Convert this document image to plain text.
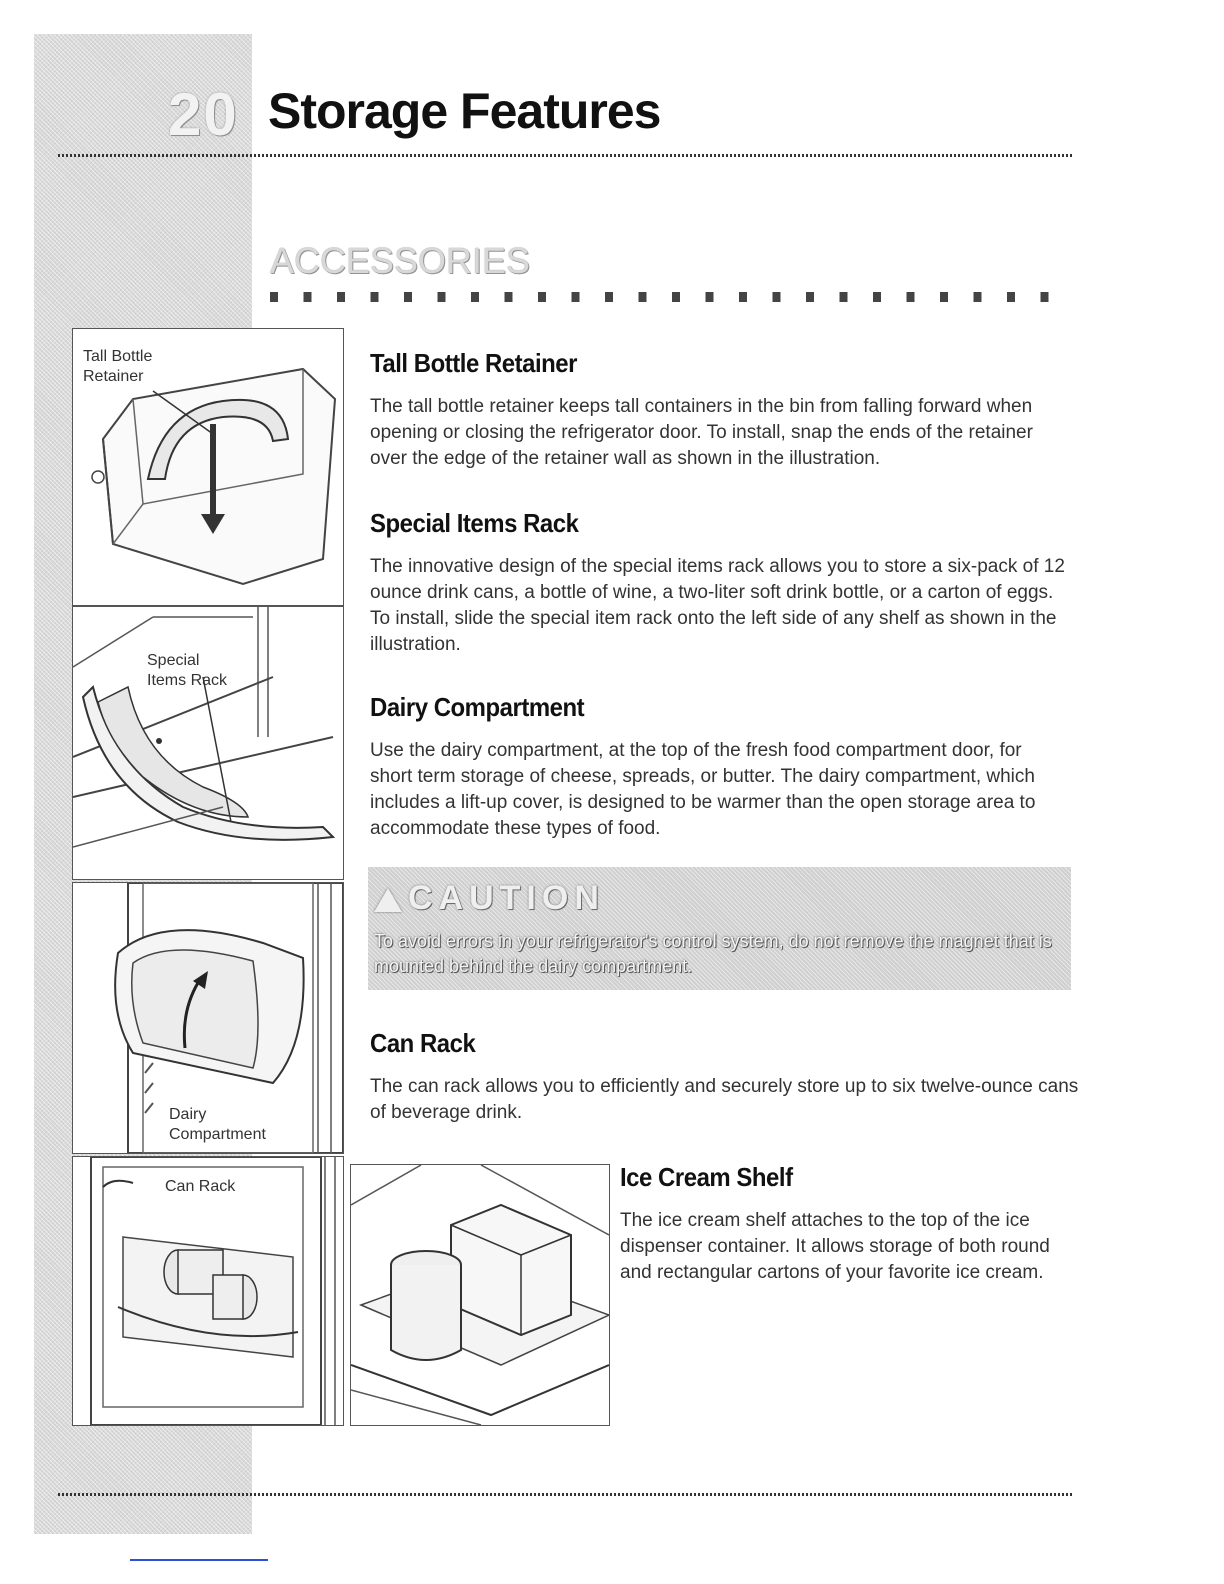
20 Storage Features
ACCESSORIES
Tall Bottle
Retainer
Special
Items Rack
Dairy
Compartment
Can Rack
Tall Bottle Retainer

The tall bottle retainer keeps tall containers in the bin from falling forward when opening or closing the refrigerator door. To install, snap the ends of the retainer over the edge of the retainer wall as shown in the illustration.

Special Items Rack

The innovative design of the special items rack allows you to store a six-pack of 12 ounce drink cans, a bottle of wine, a two-liter soft drink bottle, or a carton of eggs. To install, slide the special item rack onto the left side of any shelf as shown in the illustration.

Dairy Compartment

Use the dairy compartment, at the top of the fresh food compartment door, for short term storage of cheese, spreads, or butter. The dairy compartment, which includes a lift-up cover, is designed to be warmer than the open storage area to accommodate these types of food.

CAUTION

To avoid errors in your refrigerator's control system, do not remove the magnet that is mounted behind the dairy compartment.

Can Rack

The can rack allows you to efficiently and securely store up to six twelve-ounce cans of beverage drink.

Ice Cream Shelf

The ice cream shelf attaches to the top of the ice dispenser container. It allows storage of both round and rectangular cartons of your favorite ice cream.
